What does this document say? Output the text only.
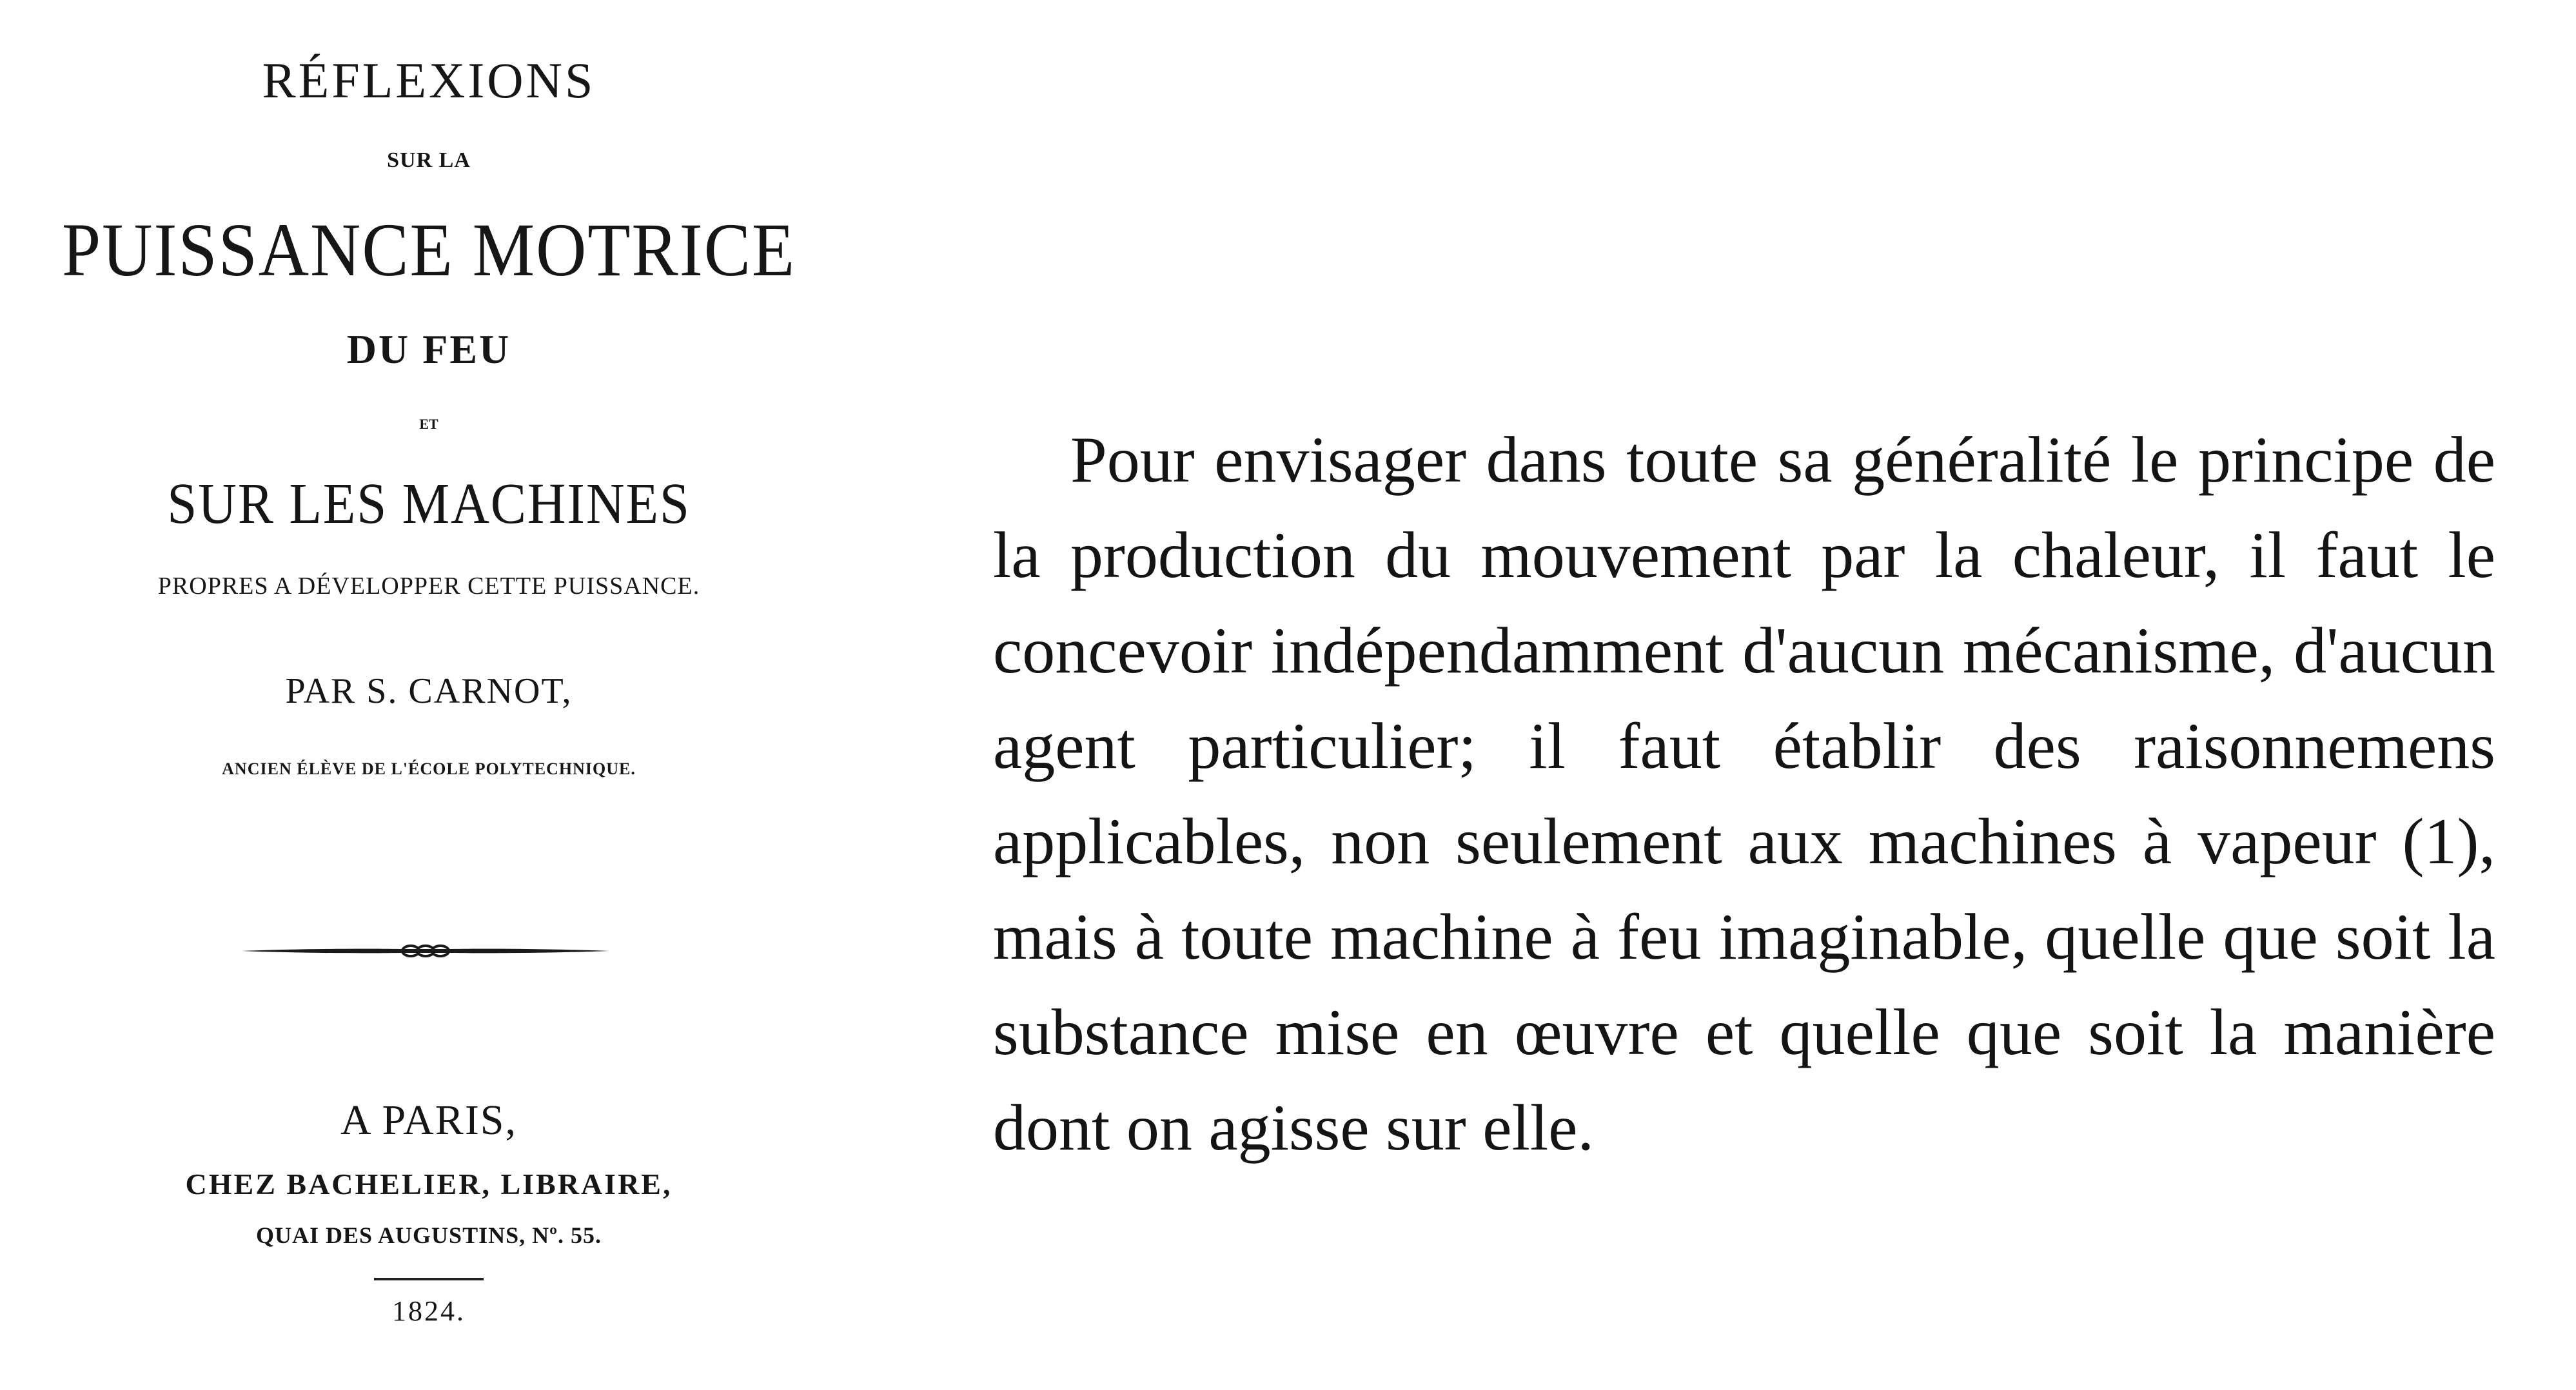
RÉFLEXIONS
SUR LA
PUISSANCE MOTRICE
DU FEU
ET
SUR LES MACHINES
PROPRES A DÉVELOPPER CETTE PUISSANCE.
PAR S. CARNOT,
ANCIEN ÉLÈVE DE L'ÉCOLE POLYTECHNIQUE.
A PARIS,
CHEZ BACHELIER, LIBRAIRE,
QUAI DES AUGUSTINS, Nº. 55.
1824.

Pour envisager dans toute sa généralité le principe de la production du mouvement par la chaleur, il faut le concevoir indépendamment d'aucun mécanisme, d'aucun agent particulier; il faut établir des raisonnemens applicables, non seulement aux machines à vapeur (1), mais à toute machine à feu imaginable, quelle que soit la substance mise en œuvre et quelle que soit la manière dont on agisse sur elle.
